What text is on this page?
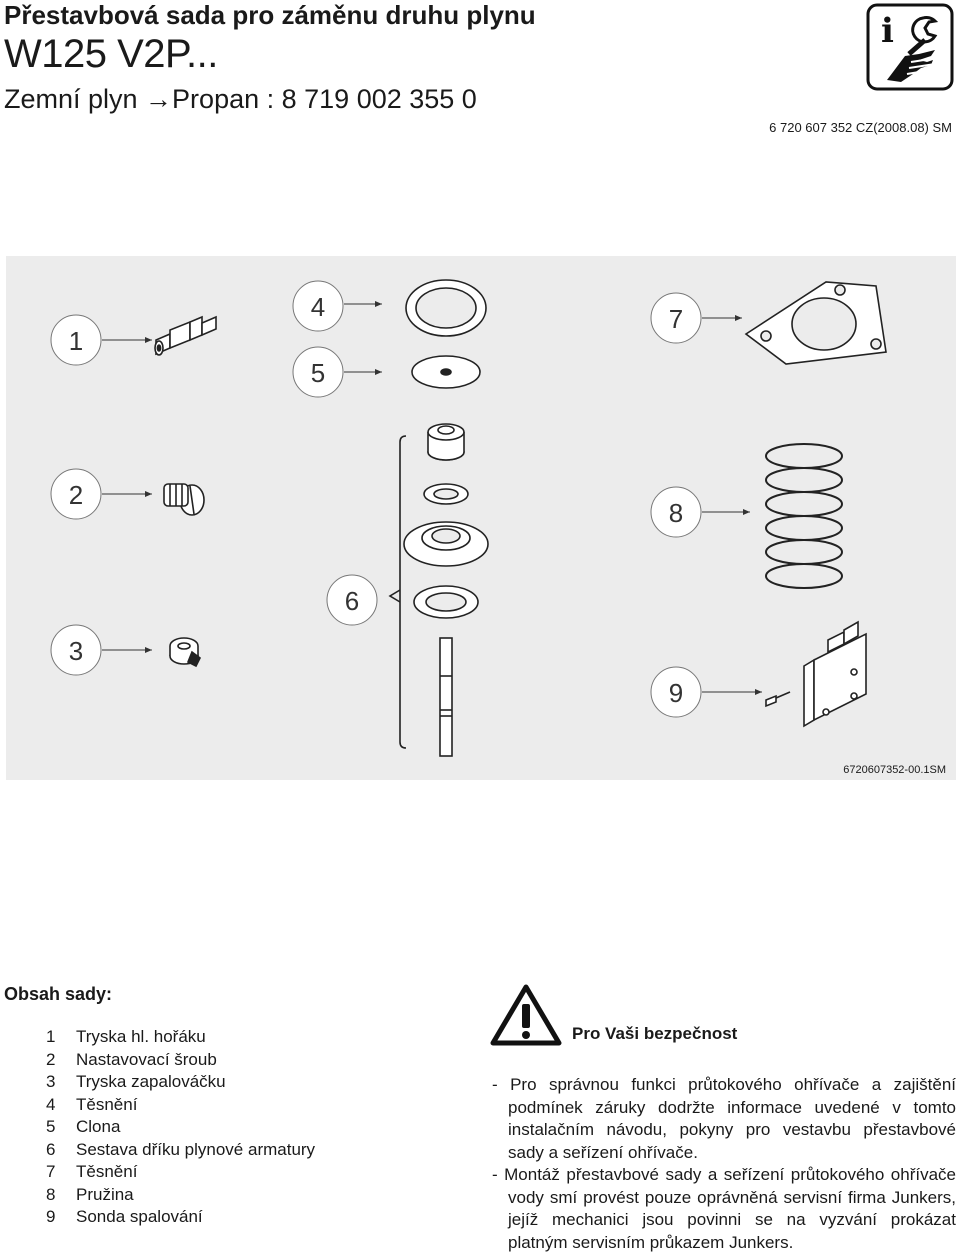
Přestavbová sada pro záměnu druhu plynu
W125 V2P...
Zemní plyn →Propan : 8 719 002 355 0
6 720 607 352 CZ(2008.08) SM
i
1
2
3
4
5
6
7
8
9
6720607352-00.1SM
Obsah sady:
1 Tryska hl. hořáku
2 Nastavovací šroub
3 Tryska zapalováčku
4 Těsnění
5 Clona
6 Sestava dříku plynové armatury
7 Těsnění
8 Pružina
9 Sonda spalování
Pro Vaši bezpečnost

- Pro správnou funkci průtokového ohřívače a zajištění podmínek záruky dodržte informace uvedené v tomto instalačním návodu, pokyny pro vestavbu přestavbové sady a seřízení ohřívače.

- Montáž přestavbové sady a seřízení průtokového ohřívače vody smí provést pouze oprávněná servisní firma Junkers, jejíž mechanici jsou povinni se na vyzvání prokázat platným servisním průkazem Junkers.
